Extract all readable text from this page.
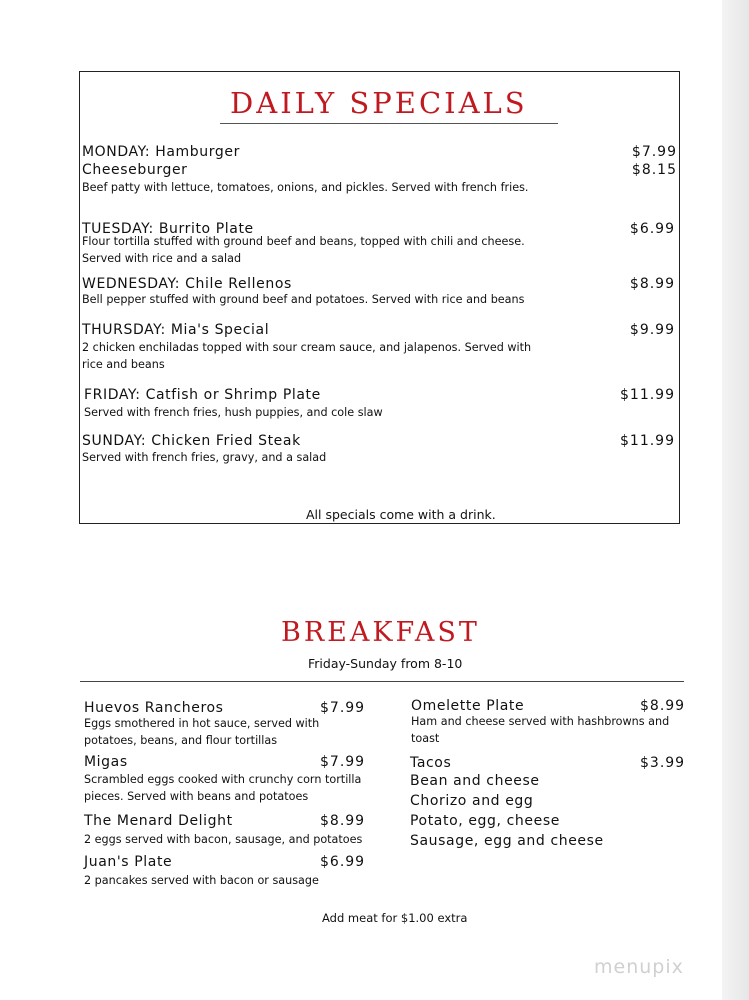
DAILY SPECIALS
MONDAY: Hamburger	$7.99
Cheeseburger	$8.15
Beef patty with lettuce, tomatoes, onions, and pickles. Served with french fries.
TUESDAY: Burrito Plate	$6.99
Flour tortilla stuffed with ground beef and beans, topped with chili and cheese.
Served with rice and a salad
WEDNESDAY: Chile Rellenos	$8.99
Bell pepper stuffed with ground beef and potatoes. Served with rice and beans
THURSDAY: Mia's Special	$9.99
2 chicken enchiladas topped with sour cream sauce, and jalapenos. Served with
rice and beans
FRIDAY: Catfish or Shrimp Plate	$11.99
Served with french fries, hush puppies, and cole slaw
SUNDAY: Chicken Fried Steak	$11.99
Served with french fries, gravy, and a salad
All specials come with a drink.
BREAKFAST
Friday-Sunday from 8-10
Huevos Rancheros	$7.99
Eggs smothered in hot sauce, served with
potatoes, beans, and flour tortillas
Migas	$7.99
Scrambled eggs cooked with crunchy corn tortilla
pieces. Served with beans and potatoes
The Menard Delight	$8.99
2 eggs served with bacon, sausage, and potatoes
Juan's Plate	$6.99
2 pancakes served with bacon or sausage
Omelette Plate	$8.99
Ham and cheese served with hashbrowns and
toast
Tacos	$3.99
Bean and cheese
Chorizo and egg
Potato, egg, cheese
Sausage, egg and cheese
Add meat for $1.00 extra
menupix
